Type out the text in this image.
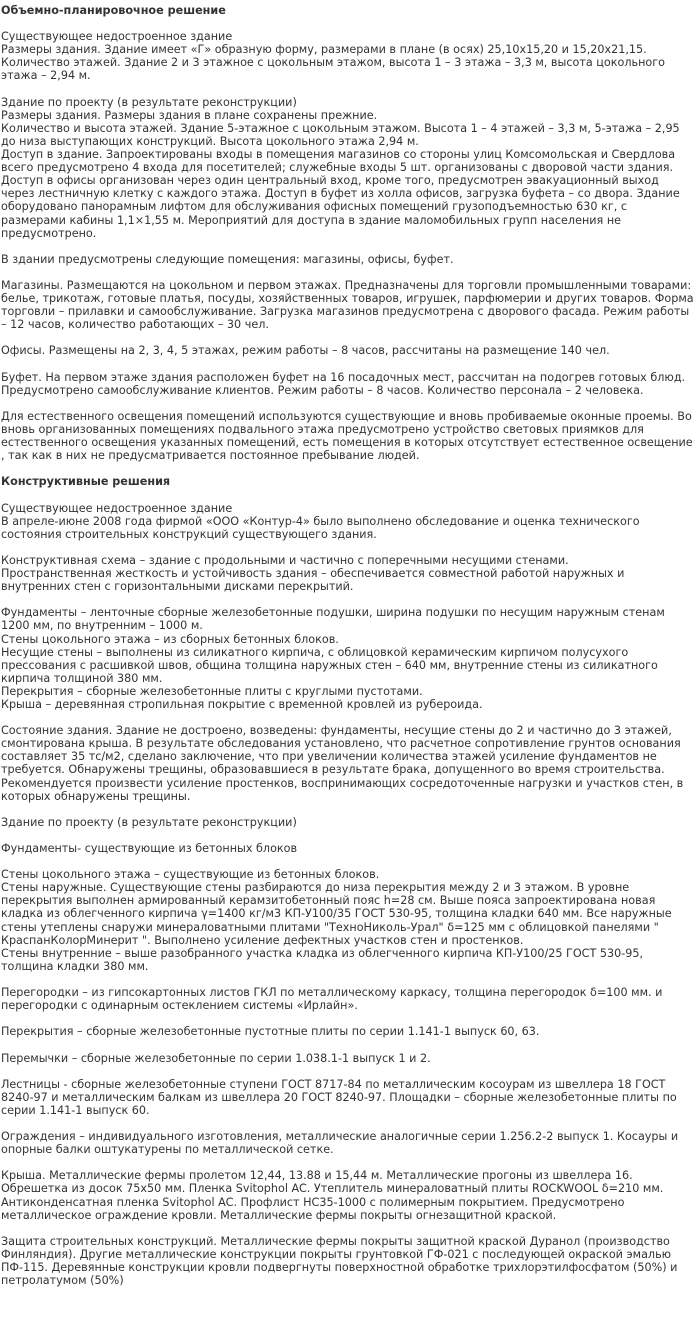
Объемно-планировочное решение
Существующее недостроенное здание
Размеры здания. Здание имеет «Г» образную форму, размерами в плане (в осях) 25,10х15,20 и 15,20х21,15.
Количество этажей. Здание 2 и 3 этажное с цокольным этажом, высота 1 – 3 этажа – 3,3 м, высота цокольного этажа – 2,94 м.
Здание по проекту (в результате реконструкции)
Размеры здания. Размеры здания в плане сохранены прежние.
Количество и высота этажей. Здание 5-этажное с цокольным этажом. Высота 1 – 4 этажей – 3,3 м, 5-этажа – 2,95 до низа выступающих конструкций. Высота цокольного этажа 2,94 м.
Доступ в здание. Запроектированы входы в помещения магазинов со стороны улиц Комсомольская и Свердлова всего предусмотрено 4 входа для посетителей; служебные входы 5 шт. организованы с дворовой части здания. Доступ в офисы организован через один центральный вход, кроме того, предусмотрен эвакуационный выход через лестничную клетку с каждого этажа. Доступ в буфет из холла офисов, загрузка буфета – со двора. Здание оборудовано панорамным лифтом для обслуживания офисных помещений грузоподъемностью 630 кг, с размерами кабины 1,1×1,55 м. Мероприятий для доступа в здание маломобильных групп населения не предусмотрено.
В здании предусмотрены следующие помещения: магазины, офисы, буфет.
Магазины. Размещаются на цокольном и первом этажах. Предназначены для торговли промышленными товарами: белье, трикотаж, готовые платья, посуды, хозяйственных товаров, игрушек, парфюмерии и других товаров. Форма торговли – прилавки и самообслуживание. Загрузка магазинов предусмотрена с дворового фасада. Режим работы – 12 часов, количество работающих – 30 чел.
Офисы. Размещены на 2, 3, 4, 5 этажах, режим работы – 8 часов, рассчитаны на размещение 140 чел.
Буфет. На первом этаже здания расположен буфет на 16 посадочных мест, рассчитан на подогрев готовых блюд. Предусмотрено самообслуживание клиентов. Режим работы – 8 часов. Количество персонала – 2 человека.
Для естественного освещения помещений используются существующие и вновь пробиваемые оконные проемы. Во вновь организованных помещениях подвального этажа предусмотрено устройство световых приямков для естественного освещения указанных помещений, есть помещения в которых отсутствует естественное освещение , так как в них не предусматривается постоянное пребывание людей.
Конструктивные решения
Существующее недостроенное здание
В апреле-июне 2008 года фирмой «ООО «Контур-4» было выполнено обследование и оценка технического состояния строительных конструкций существующего здания.
Конструктивная схема – здание с продольными и частично с поперечными несущими стенами.
Пространственная жесткость и устойчивость здания – обеспечивается совместной работой наружных и внутренних стен с горизонтальными дисками перекрытий.
Фундаменты – ленточные сборные железобетонные подушки, ширина подушки по несущим наружным стенам 1200 мм, по внутренним – 1000 м.
Стены цокольного этажа – из сборных бетонных блоков.
Несущие стены – выполнены из силикатного кирпича, с облицовкой керамическим кирпичом полусухого прессования с расшивкой швов, община толщина наружных стен – 640 мм, внутренние стены из силикатного кирпича толщиной 380 мм.
Перекрытия – сборные железобетонные плиты с круглыми пустотами.
Крыша – деревянная стропильная покрытие с временной кровлей из рубероида.
Состояние здания. Здание не достроено, возведены: фундаменты, несущие стены до 2 и частично до 3 этажей, смонтирована крыша. В результате обследования установлено, что расчетное сопротивление грунтов основания составляет 35 тс/м2, сделано заключение, что при увеличении количества этажей усиление фундаментов не требуется. Обнаружены трещины, образовавшиеся в результате брака, допущенного во время строительства. Рекомендуется произвести усиление простенков, воспринимающих сосредоточенные нагрузки и участков стен, в которых обнаружены трещины.
Здание по проекту (в результате реконструкции)
Фундаменты- существующие из бетонных блоков
Стены цокольного этажа – существующие из бетонных блоков.
Стены наружные. Существующие стены разбираются до низа перекрытия между 2 и 3 этажом. В уровне перекрытия выполнен армированный керамзитобетонный пояс h=28 см. Выше пояса запроектирована новая кладка из облегченного кирпича γ=1400 кг/м3 КП-У100/35 ГОСТ 530-95, толщина кладки 640 мм. Все наружные стены утеплены снаружи минераловатными плитами "ТехноНиколь-Урал" δ=125 мм с облицовкой панелями " КраспанКолорМинерит ". Выполнено усиление дефектных участков стен и простенков.
Стены внутренние – выше разобранного участка кладка из облегченного кирпича КП-У100/25 ГОСТ 530-95, толщина кладки 380 мм.
Перегородки – из гипсокартонных листов ГКЛ по металлическому каркасу, толщина перегородок δ=100 мм. и перегородки с одинарным остеклением системы «Ирлайн».
Перекрытия – сборные железобетонные пустотные плиты по серии 1.141-1 выпуск 60, 63.
Перемычки – сборные железобетонные по серии 1.038.1-1 выпуск 1 и 2.
Лестницы - сборные железобетонные ступени ГОСТ 8717-84 по металлическим косоурам из швеллера 18 ГОСТ 8240-97 и металлическим балкам из швеллера 20 ГОСТ 8240-97. Площадки – сборные железобетонные плиты по серии 1.141-1 выпуск 60.
Ограждения – индивидуального изготовления, металлические аналогичные серии 1.256.2-2 выпуск 1. Косауры и опорные балки оштукатурены по металлической сетке.
Крыша. Металлические фермы пролетом 12,44, 13.88 и 15,44 м. Металлические прогоны из швеллера 16. Обрешетка из досок 75х50 мм. Пленка Svitophol AC. Утеплитель минераловатный плиты ROCKWOOL δ=210 мм. Антиконденсатная пленка Svitophol AC. Профлист НС35-1000 с полимерным покрытием. Предусмотрено металлическое ограждение кровли. Металлические фермы покрыты огнезащитной краской.
Защита строительных конструкций. Металлические фермы покрыты защитной краской Дуранол (производство Финляндия). Другие металлические конструкции покрыты грунтовкой ГФ-021 с последующей окраской эмалью ПФ-115. Деревянные конструкции кровли подвергнуты поверхностной обработке трихлорэтилфосфатом (50%) и петролатумом (50%)
